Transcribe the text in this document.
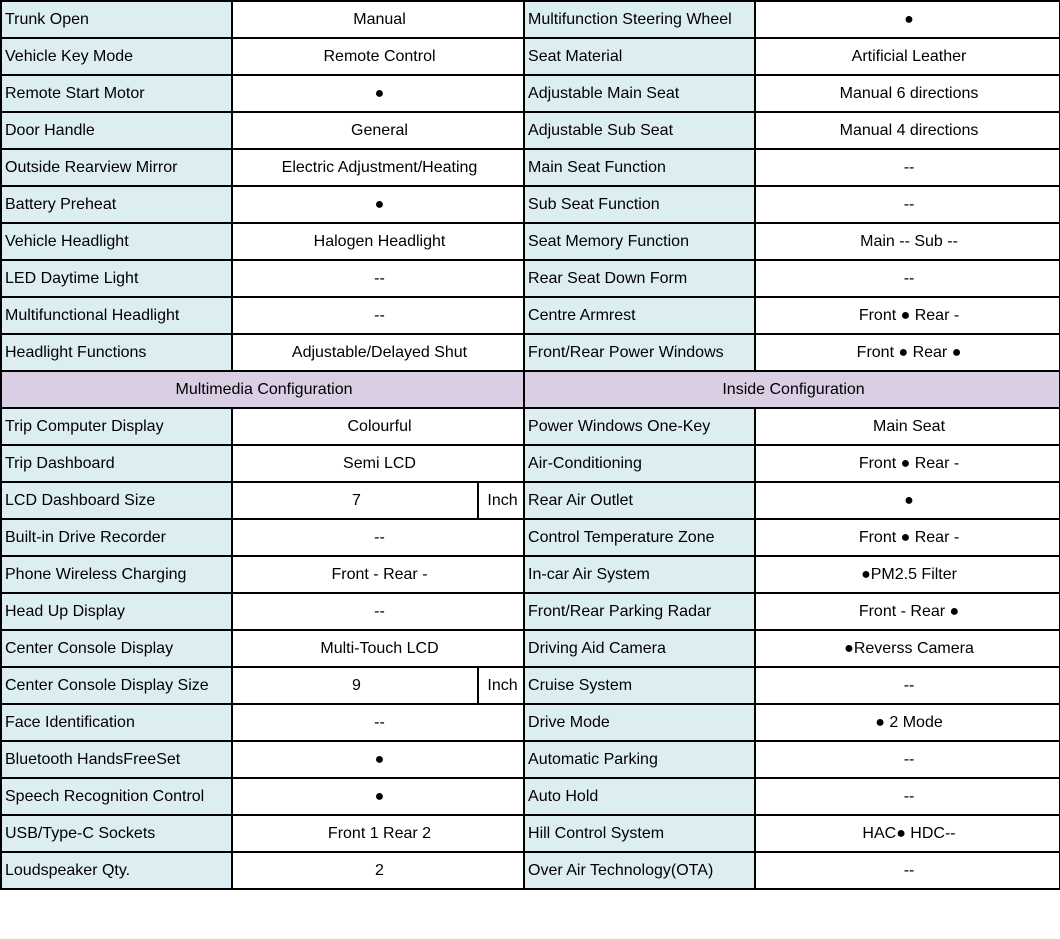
Trunk Open	Manual		Multifunction Steering Wheel	●
Vehicle Key Mode	Remote Control		Seat Material	Artificial Leather
Remote Start Motor	●		Adjustable Main Seat	Manual 6 directions
Door Handle	General		Adjustable Sub Seat	Manual 4 directions
Outside Rearview Mirror	Electric Adjustment/Heating		Main Seat Function	--
Battery Preheat	●		Sub Seat Function	--
Vehicle Headlight	Halogen Headlight		Seat Memory Function	Main -- Sub --
LED Daytime Light	--		Rear Seat Down Form	--
Multifunctional Headlight	--		Centre Armrest	Front ● Rear -
Headlight Functions	Adjustable/Delayed Shut		Front/Rear Power Windows	Front ● Rear ●
Multimedia Configuration			Inside Configuration	
Trip Computer Display	Colourful		Power Windows One-Key	Main Seat
Trip Dashboard	Semi LCD		Air-Conditioning	Front ● Rear -
LCD Dashboard Size	7	Inch	Rear Air Outlet	●
Built-in Drive Recorder	--		Control Temperature Zone	Front ● Rear -
Phone Wireless Charging	Front - Rear -		In-car Air System	●PM2.5 Filter
Head Up Display	--		Front/Rear Parking Radar	Front - Rear ●
Center Console Display	Multi-Touch LCD		Driving Aid Camera	●Reverss Camera
Center Console Display Size	9	Inch	Cruise System	--
Face Identification	--		Drive Mode	● 2 Mode
Bluetooth HandsFreeSet	●		Automatic Parking	--
Speech Recognition Control	●		Auto Hold	--
USB/Type-C Sockets	Front 1 Rear 2		Hill Control System	HAC● HDC--
Loudspeaker Qty.	2		Over Air Technology(OTA)	--
